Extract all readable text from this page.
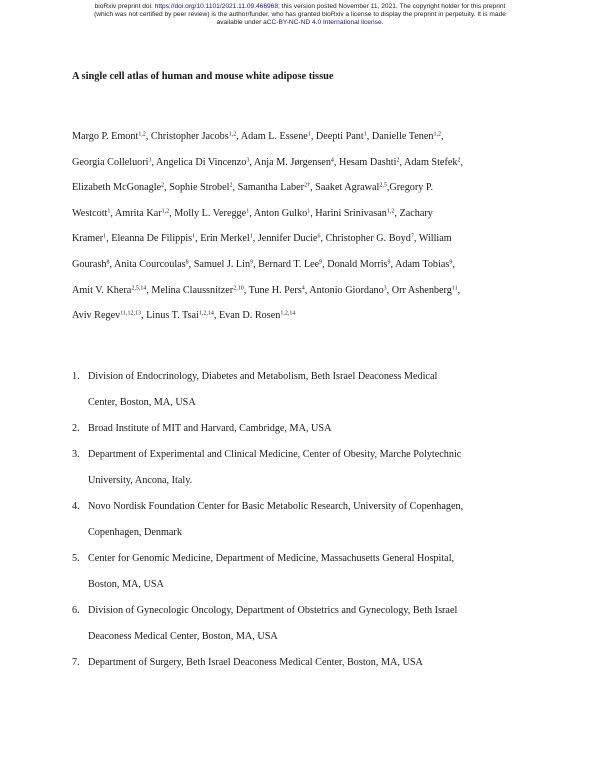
bioRxiv preprint doi: https://doi.org/10.1101/2021.11.09.466968; this version posted November 11, 2021. The copyright holder for this preprint
(which was not certified by peer review) is the author/funder, who has granted bioRxiv a license to display the preprint in perpetuity. It is made
available under aCC-BY-NC-ND 4.0 International license.
A single cell atlas of human and mouse white adipose tissue
Margo P. Emont$^{1,2}$, Christopher Jacobs$^{1,2}$, Adam L. Essene$^1$, Deepti Pant$^1$, Danielle Tenen$^{1,2}$,
Georgia Colleluori$^3$, Angelica Di Vincenzo$^3$, Anja M. Jørgensen$^4$, Hesam Dashti$^2$, Adam Stefek$^2$,
Elizabeth McGonagle$^2$, Sophie Strobel$^2$, Samantha Laber$^{2\dagger}$, Saaket Agrawal$^{2,5}$,Gregory P.
Westcott$^1$, Amrita Kar$^{1,2}$, Molly L. Veregge$^1$, Anton Gulko$^1$, Harini Srinivasan$^{1,2}$, Zachary
Kramer$^1$, Eleanna De Filippis$^1$, Erin Merkel$^1$, Jennifer Ducie$^6$, Christopher G. Boyd$^7$, William
Gourash$^8$, Anita Courcoulas$^8$, Samuel J. Lin$^9$, Bernard T. Lee$^9$, Donald Morris$^9$, Adam Tobias$^9$,
Amit V. Khera$^{2,5,14}$, Melina Claussnitzer$^{2,10}$, Tune H. Pers$^4$, Antonio Giordano$^3$, Orr Ashenberg$^{11}$,
Aviv Regev$^{11,12,13}$, Linus T. Tsai$^{1,2,14}$, Evan D. Rosen$^{1,2,14}$
1. Division of Endocrinology, Diabetes and Metabolism, Beth Israel Deaconess Medical
Center, Boston, MA, USA
2. Broad Institute of MIT and Harvard, Cambridge, MA, USA
3. Department of Experimental and Clinical Medicine, Center of Obesity, Marche Polytechnic
University, Ancona, Italy.
4. Novo Nordisk Foundation Center for Basic Metabolic Research, University of Copenhagen,
Copenhagen, Denmark
5. Center for Genomic Medicine, Department of Medicine, Massachusetts General Hospital,
Boston, MA, USA
6. Division of Gynecologic Oncology, Department of Obstetrics and Gynecology, Beth Israel
Deaconess Medical Center, Boston, MA, USA
7. Department of Surgery, Beth Israel Deaconess Medical Center, Boston, MA, USA
